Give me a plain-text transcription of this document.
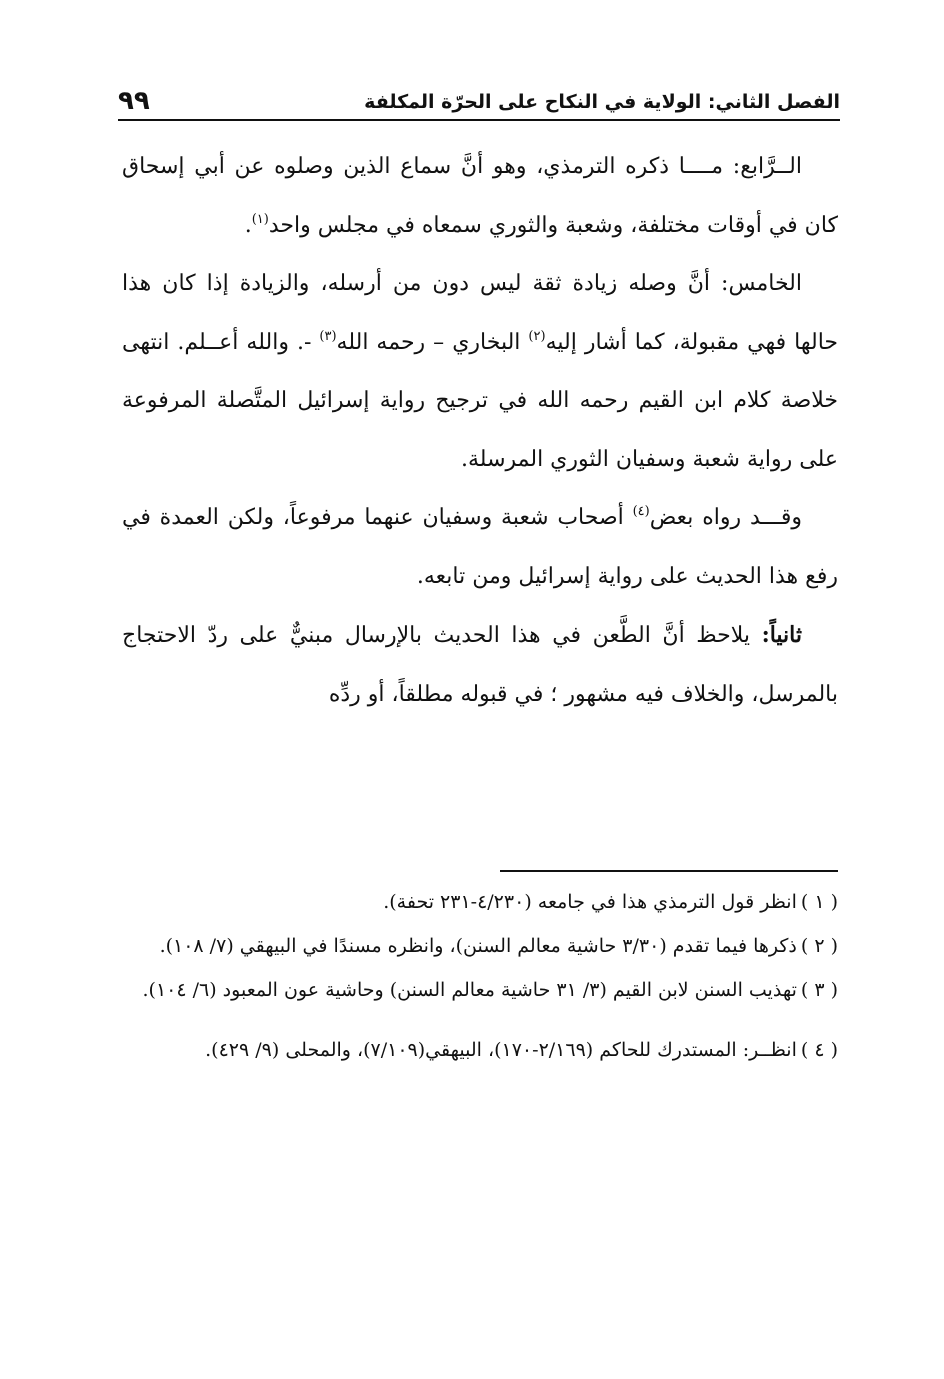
الفصل الثاني: الولاية في النكاح على الحرّة المكلفة
٩٩

الــرَّابع: مــــا ذكره الترمذي، وهو أنَّ سماع الذين وصلوه عن أبي إسحاق كان في أوقات مختلفة، وشعبة والثوري سمعاه في مجلس واحد$^{(١)}$.

الخامس: أنَّ وصله زيادة ثقة ليس دون من أرسله، والزيادة إذا كان هذا حالها فهي مقبولة، كما أشار إليه$^{(٢)}$ البخاري – رحمه الله$^{(٣)}$ -. والله أعــلم. انتهى خلاصة كلام ابن القيم رحمه الله في ترجيح رواية إسرائيل المتَّصلة المرفوعة على رواية شعبة وسفيان الثوري المرسلة.

وقـــد رواه بعض$^{(٤)}$ أصحاب شعبة وسفيان عنهما مرفوعاً، ولكن العمدة في رفع هذا الحديث على رواية إسرائيل ومن تابعه.

ثانياً: يلاحظ أنَّ الطَّعن في هذا الحديث بالإرسال مبنيٌّ على ردّ الاحتجاج بالمرسل، والخلاف فيه مشهور ؛ في قبوله مطلقاً، أو ردِّه

( ١ )انظر قول الترمذي هذا في جامعه (٤/٢٣٠-٢٣١ تحفة).

( ٢ )ذكرها فيما تقدم (٣/٣٠ حاشية معالم السنن)، وانظره مسندًا في البيهقي (٧/ ١٠٨).

( ٣ )تهذيب السنن لابن القيم (٣/ ٣١ حاشية معالم السنن) وحاشية عون المعبود (٦/ ١٠٤).

( ٤ )انظــر: المستدرك للحاكم (٢/١٦٩-١٧٠)، البيهقي(٧/١٠٩)، والمحلى (٩/ ٤٢٩).
